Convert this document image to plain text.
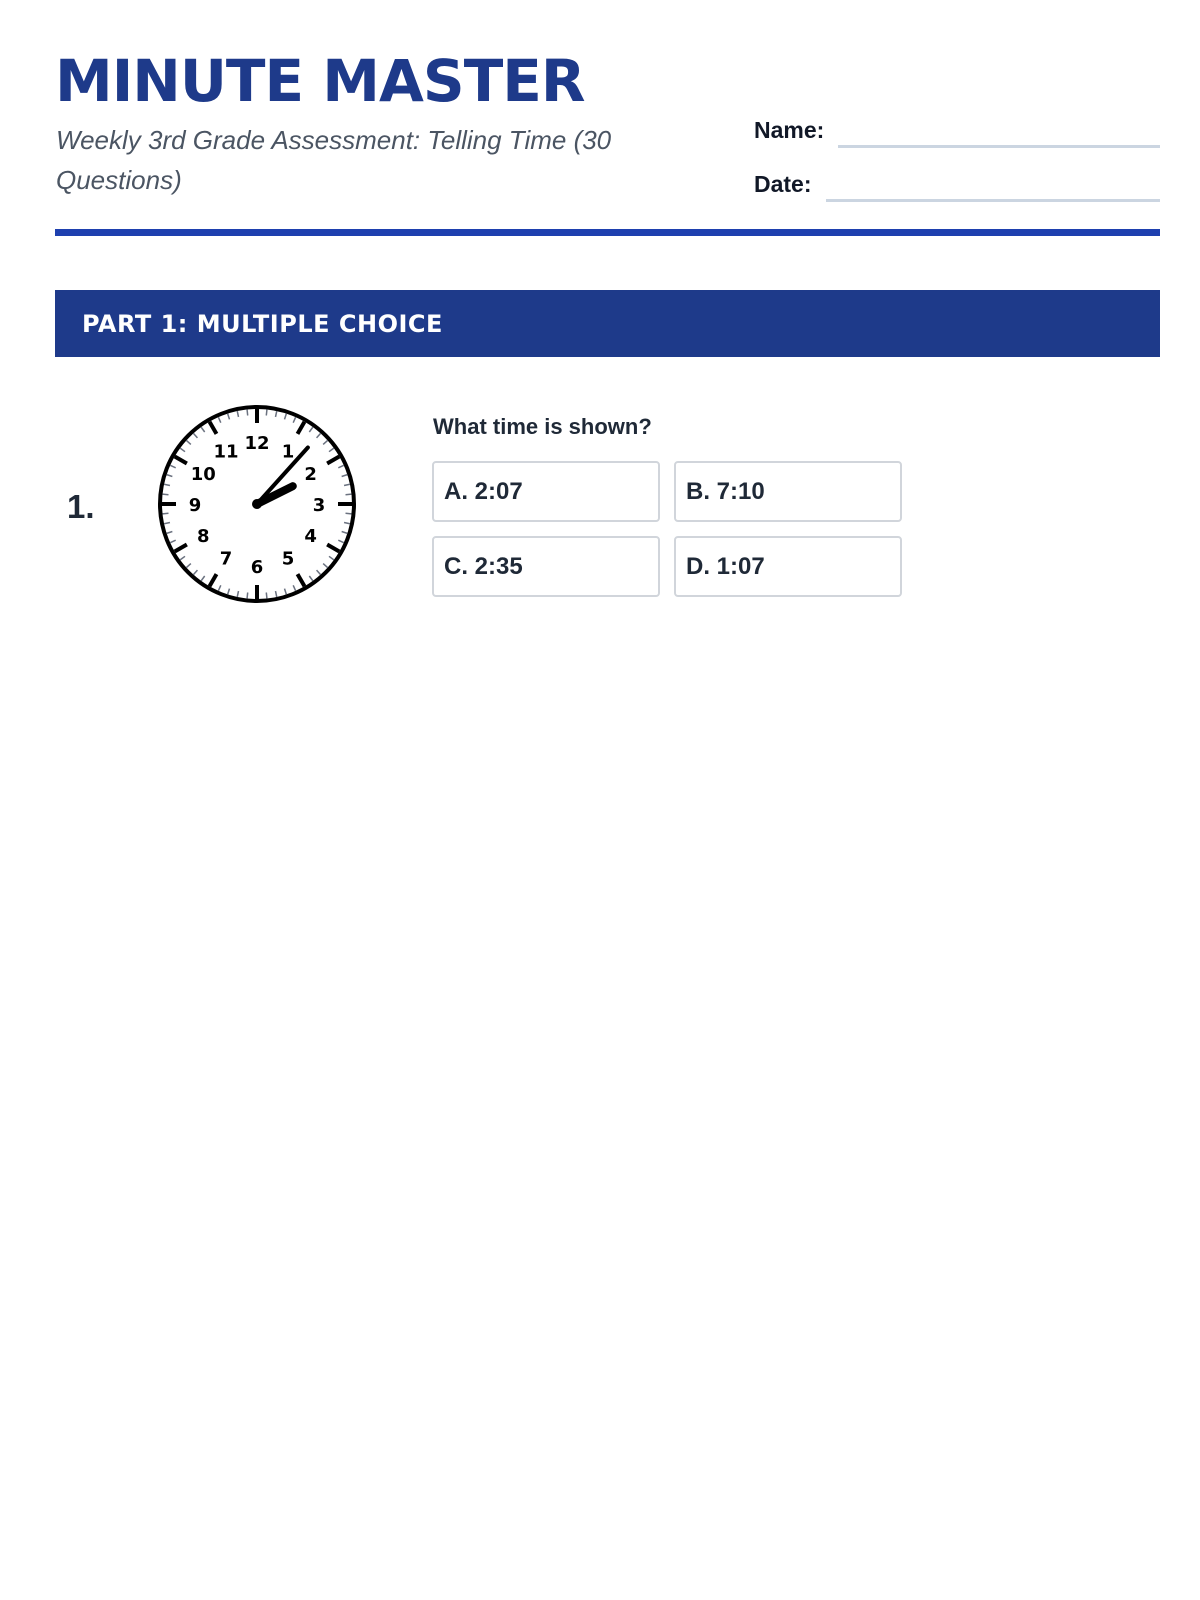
MINUTE MASTER

Weekly 3rd Grade Assessment: Telling Time (30 Questions)

Name:
Date:
PART 1: MULTIPLE CHOICE
1.
12 1
2
3
4
5
6
7
8
9
10
11
What time is shown?
A. 2:07	B. 7:10
C. 2:35	D. 1:07
